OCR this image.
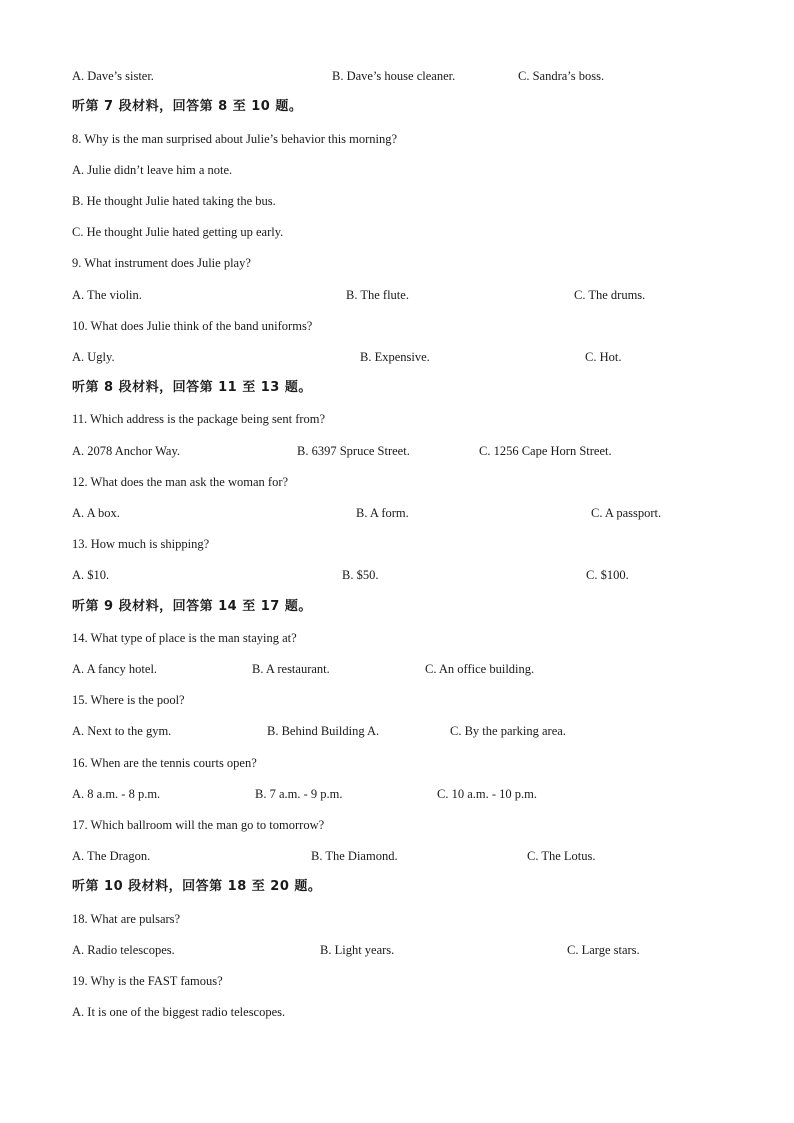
A. Dave’s sister.	B. Dave’s house cleaner.	C. Sandra’s boss.
听第 7 段材料，回答第 8 至 10 题。
8. Why is the man surprised about Julie’s behavior this morning?
A. Julie didn’t leave him a note.
B. He thought Julie hated taking the bus.
C. He thought Julie hated getting up early.
9. What instrument does Julie play?
A. The violin.	B. The flute.	C. The drums.
10. What does Julie think of the band uniforms?
A. Ugly.	B. Expensive.	C. Hot.
听第 8 段材料，回答第 11 至 13 题。
11. Which address is the package being sent from?
A. 2078 Anchor Way.	B. 6397 Spruce Street.	C. 1256 Cape Horn Street.
12. What does the man ask the woman for?
A. A box.	B. A form.	C. A passport.
13. How much is shipping?
A. $10.	B. $50.	C. $100.
听第 9 段材料，回答第 14 至 17 题。
14. What type of place is the man staying at?
A. A fancy hotel.	B. A restaurant.	C. An office building.
15. Where is the pool?
A. Next to the gym.	B. Behind Building A.	C. By the parking area.
16. When are the tennis courts open?
A. 8 a.m. - 8 p.m.	B. 7 a.m. - 9 p.m.	C. 10 a.m. - 10 p.m.
17. Which ballroom will the man go to tomorrow?
A. The Dragon.	B. The Diamond.	C. The Lotus.
听第 10 段材料，回答第 18 至 20 题。
18. What are pulsars?
A. Radio telescopes.	B. Light years.	C. Large stars.
19. Why is the FAST famous?
A. It is one of the biggest radio telescopes.
